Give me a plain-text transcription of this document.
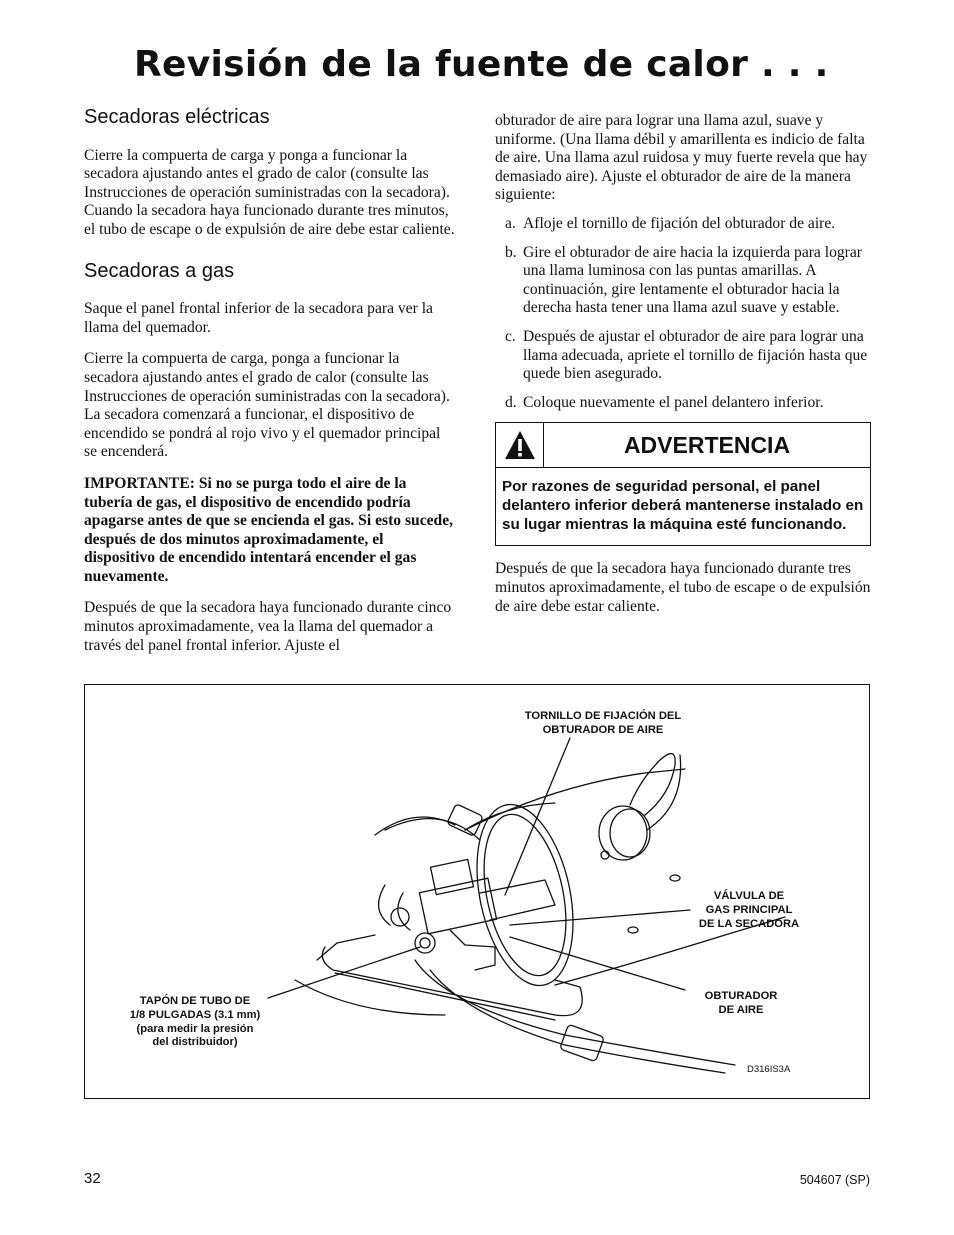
Revisión de la fuente de calor . . .
Secadoras eléctricas

Cierre la compuerta de carga y ponga a funcionar la secadora ajustando antes el grado de calor (consulte las Instrucciones de operación suministradas con la secadora). Cuando la secadora haya funcionado durante tres minutos, el tubo de escape o de expulsión de aire debe estar caliente.

Secadoras a gas

Saque el panel frontal inferior de la secadora para ver la llama del quemador.

Cierre la compuerta de carga, ponga a funcionar la secadora ajustando antes el grado de calor (consulte las Instrucciones de operación suministradas con la secadora). La secadora comenzará a funcionar, el dispositivo de encendido se pondrá al rojo vivo y el quemador principal se encenderá.

IMPORTANTE: Si no se purga todo el aire de la tubería de gas, el dispositivo de encendido podría apagarse antes de que se encienda el gas. Si esto sucede, después de dos minutos aproximadamente, el dispositivo de encendido intentará encender el gas nuevamente.

Después de que la secadora haya funcionado durante cinco minutos aproximadamente, vea la llama del quemador a través del panel frontal inferior. Ajuste el

obturador de aire para lograr una llama azul, suave y uniforme. (Una llama débil y amarillenta es indicio de falta de aire. Una llama azul ruidosa y muy fuerte revela que hay demasiado aire). Ajuste el obturador de aire de la manera siguiente:

a. Afloje el tornillo de fijación del obturador de aire.
b. Gire el obturador de aire hacia la izquierda para lograr una llama luminosa con las puntas amarillas. A continuación, gire lentamente el obturador hacia la derecha hasta tener una llama azul suave y estable.
c. Después de ajustar el obturador de aire para lograr una llama adecuada, apriete el tornillo de fijación hasta que quede bien asegurado.
d. Coloque nuevamente el panel delantero inferior.
ADVERTENCIA
Por razones de seguridad personal, el panel delantero inferior deberá mantenerse instalado en su lugar mientras la máquina esté funcionando.

Después de que la secadora haya funcionado durante tres minutos aproximadamente, el tubo de escape o de expulsión de aire debe estar caliente.

TORNILLO DE FIJACIÓN DEL
OBTURADOR DE AIRE
VÁLVULA DE
GAS PRINCIPAL
DE LA SECADORA
OBTURADOR
DE AIRE
TAPÓN DE TUBO DE
1/8 PULGADAS (3.1 mm)
(para medir la presión
del distribuidor)
D316IS3A
32	504607 (SP)
